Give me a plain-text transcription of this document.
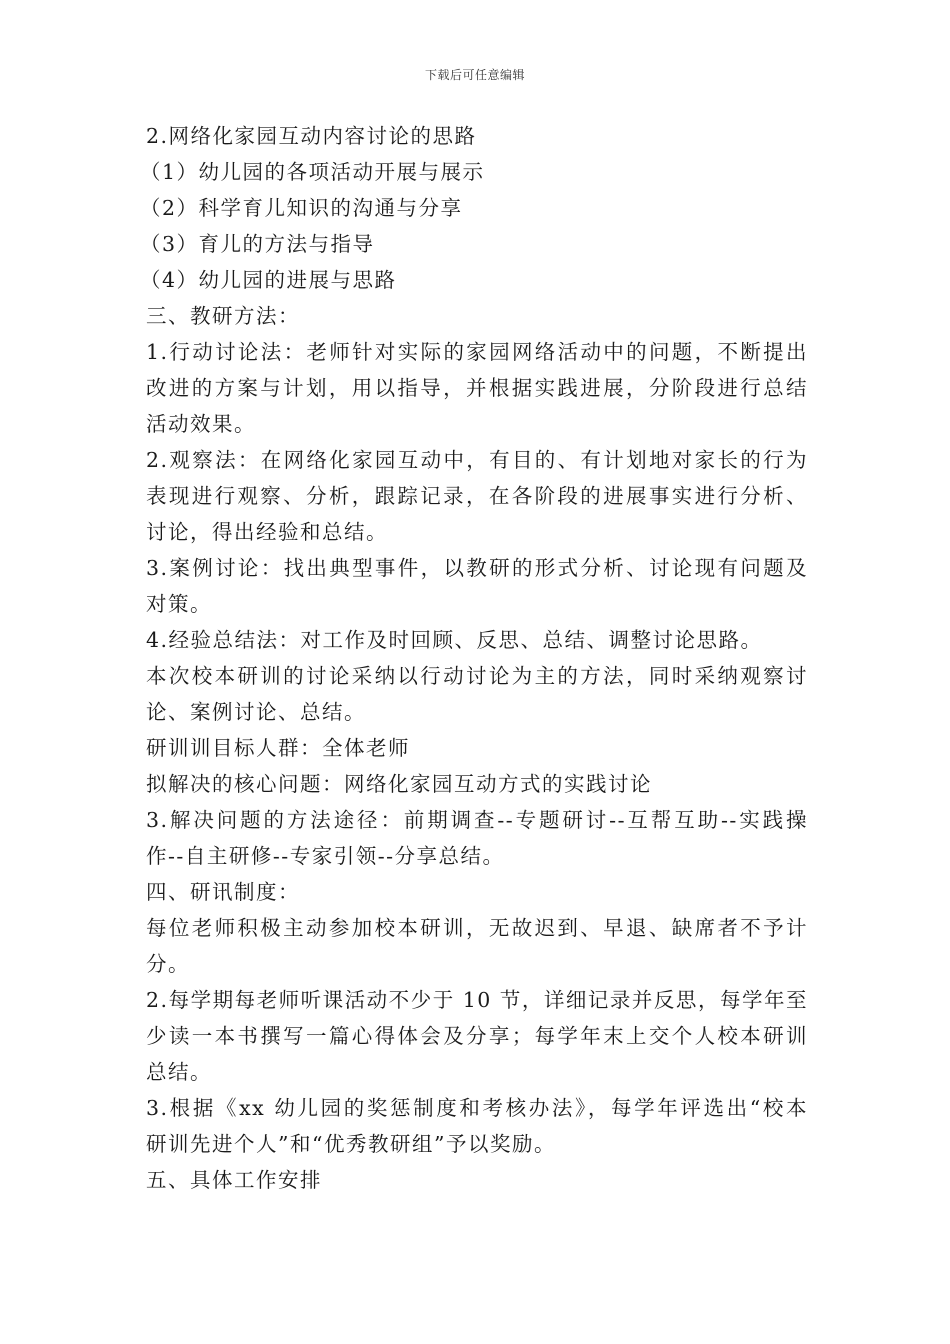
下载后可任意编辑

2.网络化家园互动内容讨论的思路

（1）幼儿园的各项活动开展与展示

（2）科学育儿知识的沟通与分享

（3）育儿的方法与指导

（4）幼儿园的进展与思路

三、教研方法：

1.行动讨论法：老师针对实际的家园网络活动中的问题，不断提出

改进的方案与计划，用以指导，并根据实践进展，分阶段进行总结

活动效果。

2.观察法：在网络化家园互动中，有目的、有计划地对家长的行为

表现进行观察、分析，跟踪记录，在各阶段的进展事实进行分析、

讨论，得出经验和总结。

3.案例讨论：找出典型事件，以教研的形式分析、讨论现有问题及

对策。

4.经验总结法：对工作及时回顾、反思、总结、调整讨论思路。

本次校本研训的讨论采纳以行动讨论为主的方法，同时采纳观察讨

论、案例讨论、总结。

研训训目标人群：全体老师

拟解决的核心问题：网络化家园互动方式的实践讨论

3.解决问题的方法途径：前期调查--专题研讨--互帮互助--实践操

作--自主研修--专家引领--分享总结。

四、研讯制度：

每位老师积极主动参加校本研训，无故迟到、早退、缺席者不予计

分。

2.每学期每老师听课活动不少于 10 节，详细记录并反思，每学年至

少读一本书撰写一篇心得体会及分享；每学年末上交个人校本研训

总结。

3.根据《xx 幼儿园的奖惩制度和考核办法》，每学年评选出“校本

研训先进个人”和“优秀教研组”予以奖励。

五、具体工作安排
